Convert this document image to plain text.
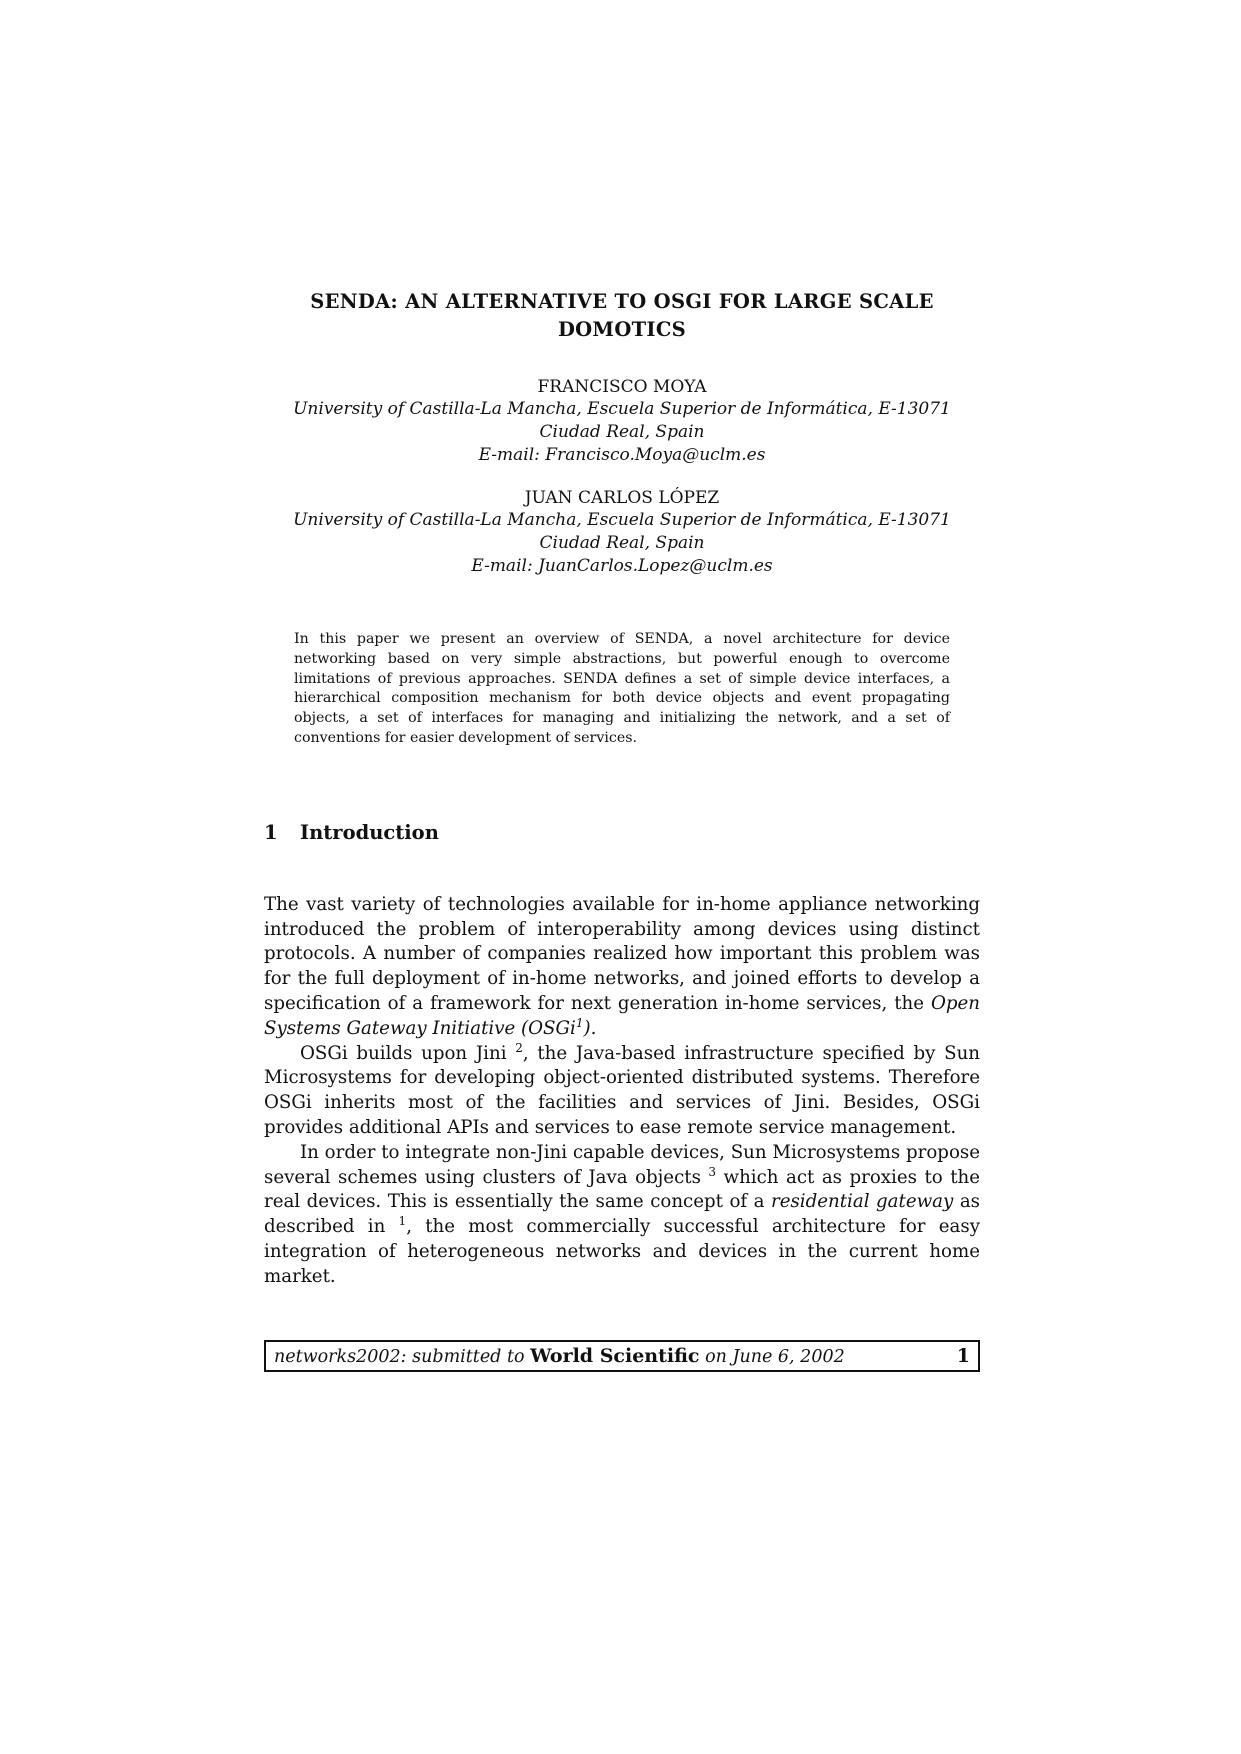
SENDA: AN ALTERNATIVE TO OSGI FOR LARGE SCALE
DOMOTICS
FRANCISCO MOYA
University of Castilla-La Mancha, Escuela Superior de Informática, E-13071
Ciudad Real, Spain
E-mail: Francisco.Moya@uclm.es
JUAN CARLOS LÓPEZ
University of Castilla-La Mancha, Escuela Superior de Informática, E-13071
Ciudad Real, Spain
E-mail: JuanCarlos.Lopez@uclm.es
In this paper we present an overview of SENDA, a novel architecture for device networking based on very simple abstractions, but powerful enough to overcome limitations of previous approaches. SENDA defines a set of simple device interfaces, a hierarchical composition mechanism for both device objects and event propagating objects, a set of interfaces for managing and initializing the network, and a set of conventions for easier development of services.
1 Introduction

The vast variety of technologies available for in-home appliance networking introduced the problem of interoperability among devices using distinct protocols. A number of companies realized how important this problem was for the full deployment of in-home networks, and joined efforts to develop a specification of a framework for next generation in-home services, the Open Systems Gateway Initiative (OSGi$^1$).

OSGi builds upon Jini $^2$, the Java-based infrastructure specified by Sun Microsystems for developing object-oriented distributed systems. Therefore OSGi inherits most of the facilities and services of Jini. Besides, OSGi provides additional APIs and services to ease remote service management.

In order to integrate non-Jini capable devices, Sun Microsystems propose several schemes using clusters of Java objects $^3$ which act as proxies to the real devices. This is essentially the same concept of a residential gateway as described in $^1$, the most commercially successful architecture for easy integration of heterogeneous networks and devices in the current home market.

networks2002: submitted to World Scientific on June 6, 2002	1
